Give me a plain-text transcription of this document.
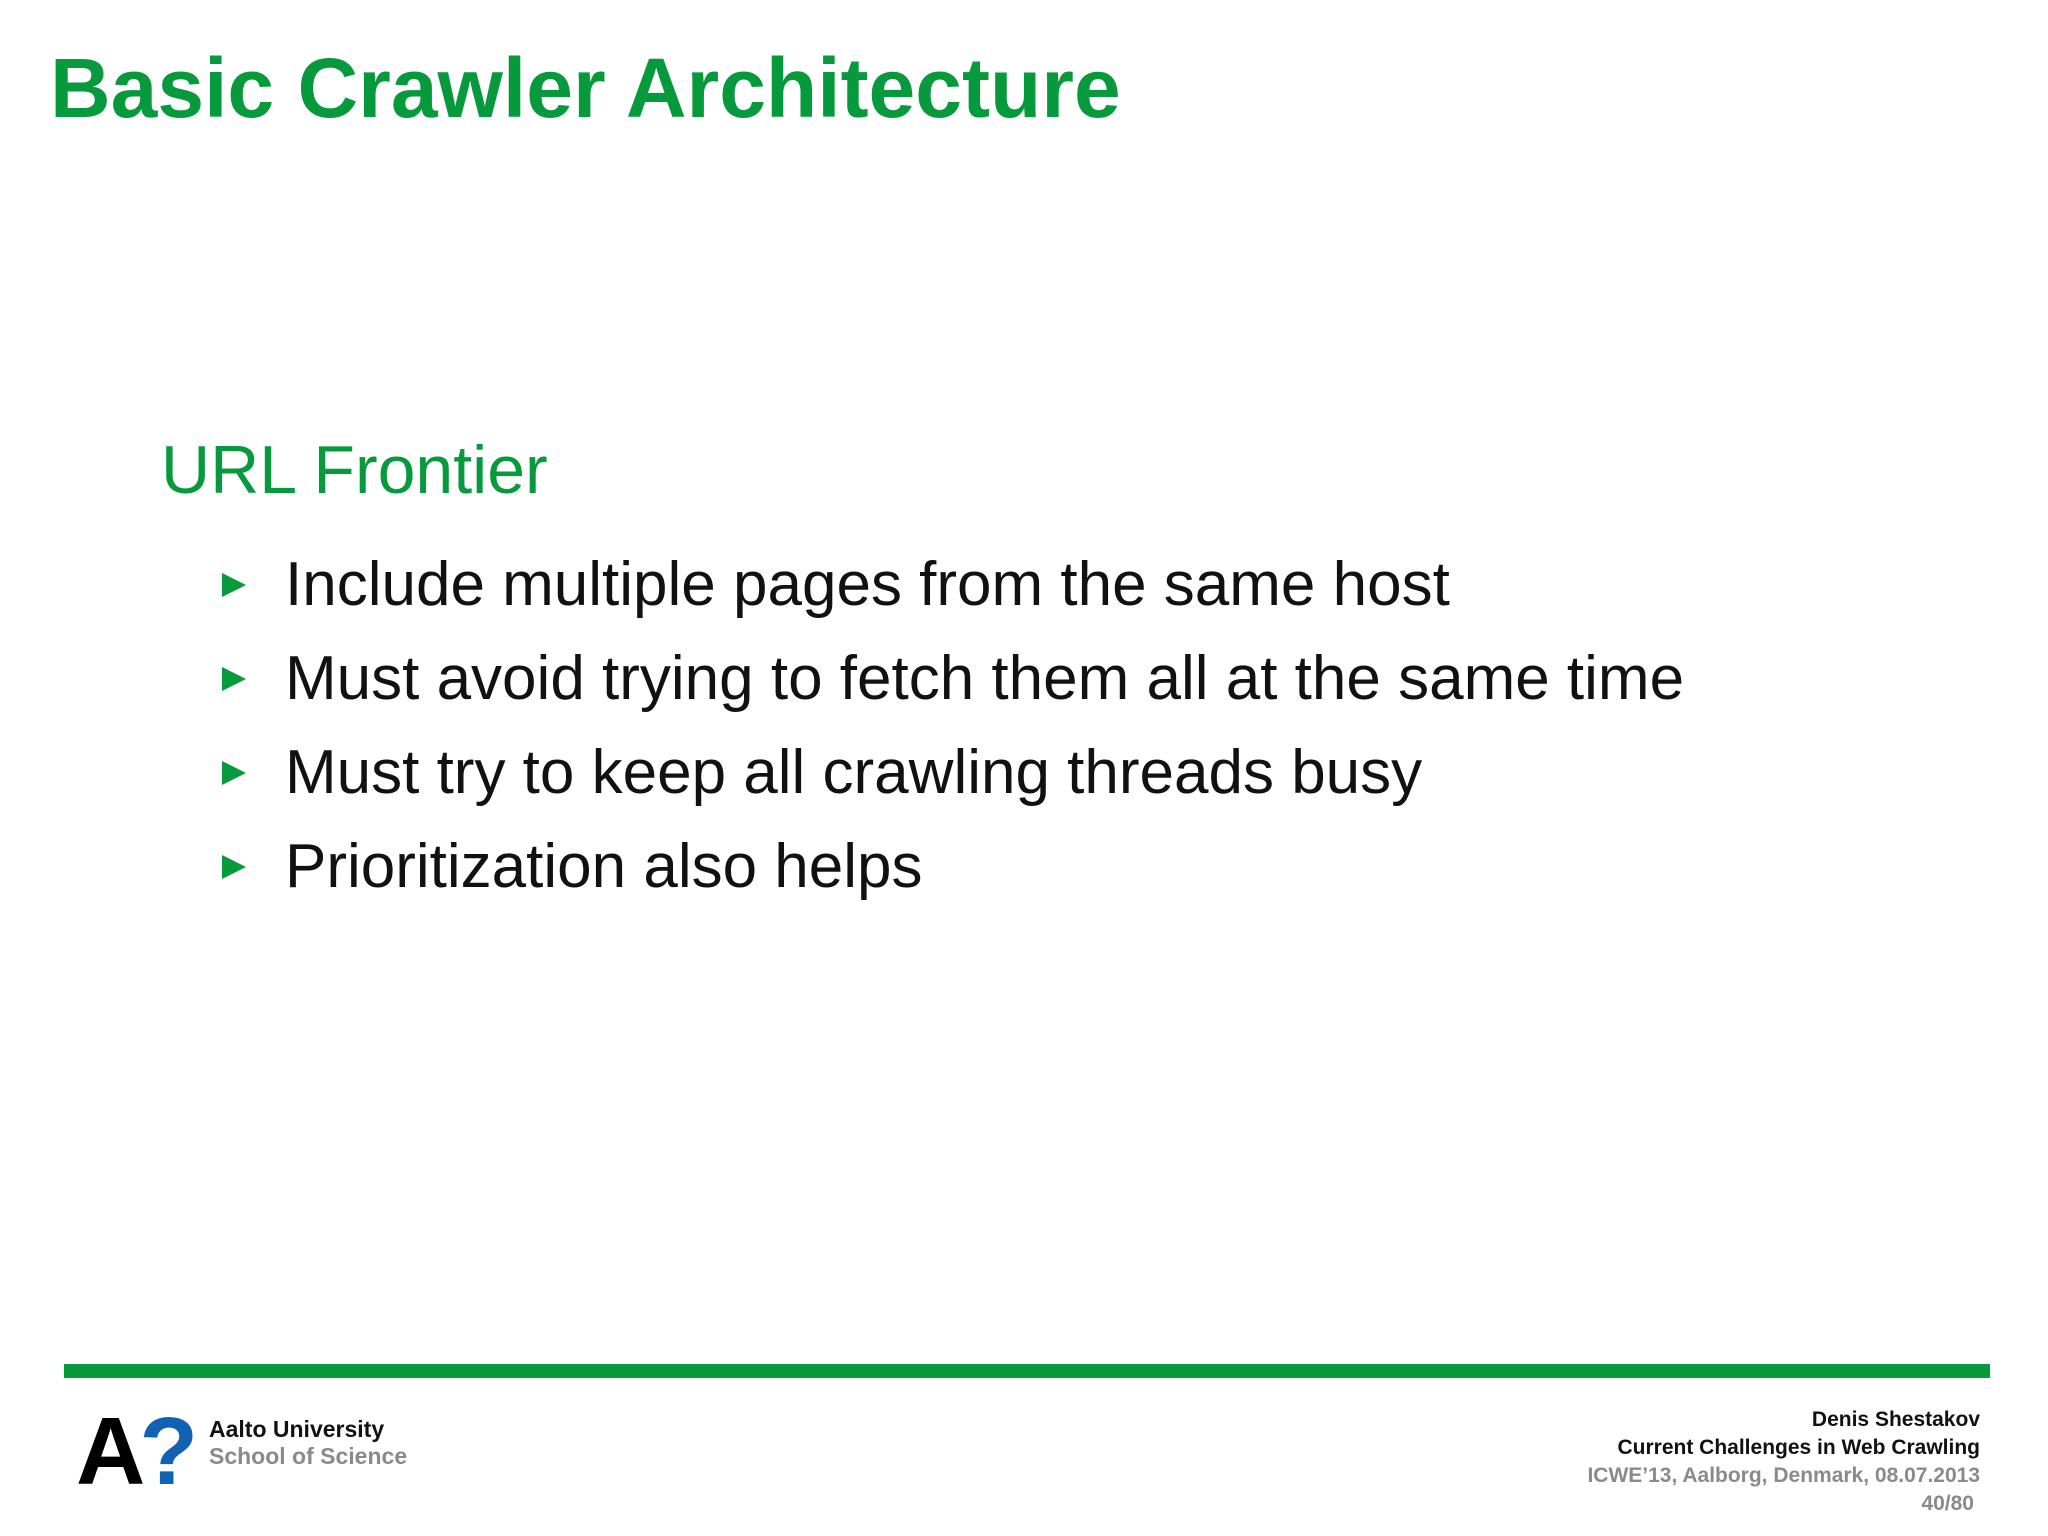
Basic Crawler Architecture
URL Frontier
Include multiple pages from the same host
Must avoid trying to fetch them all at the same time
Must try to keep all crawling threads busy
Prioritization also helps
A? Aalto University
School of Science
Denis Shestakov
Current Challenges in Web Crawling
ICWE’13, Aalborg, Denmark, 08.07.2013
40/80
